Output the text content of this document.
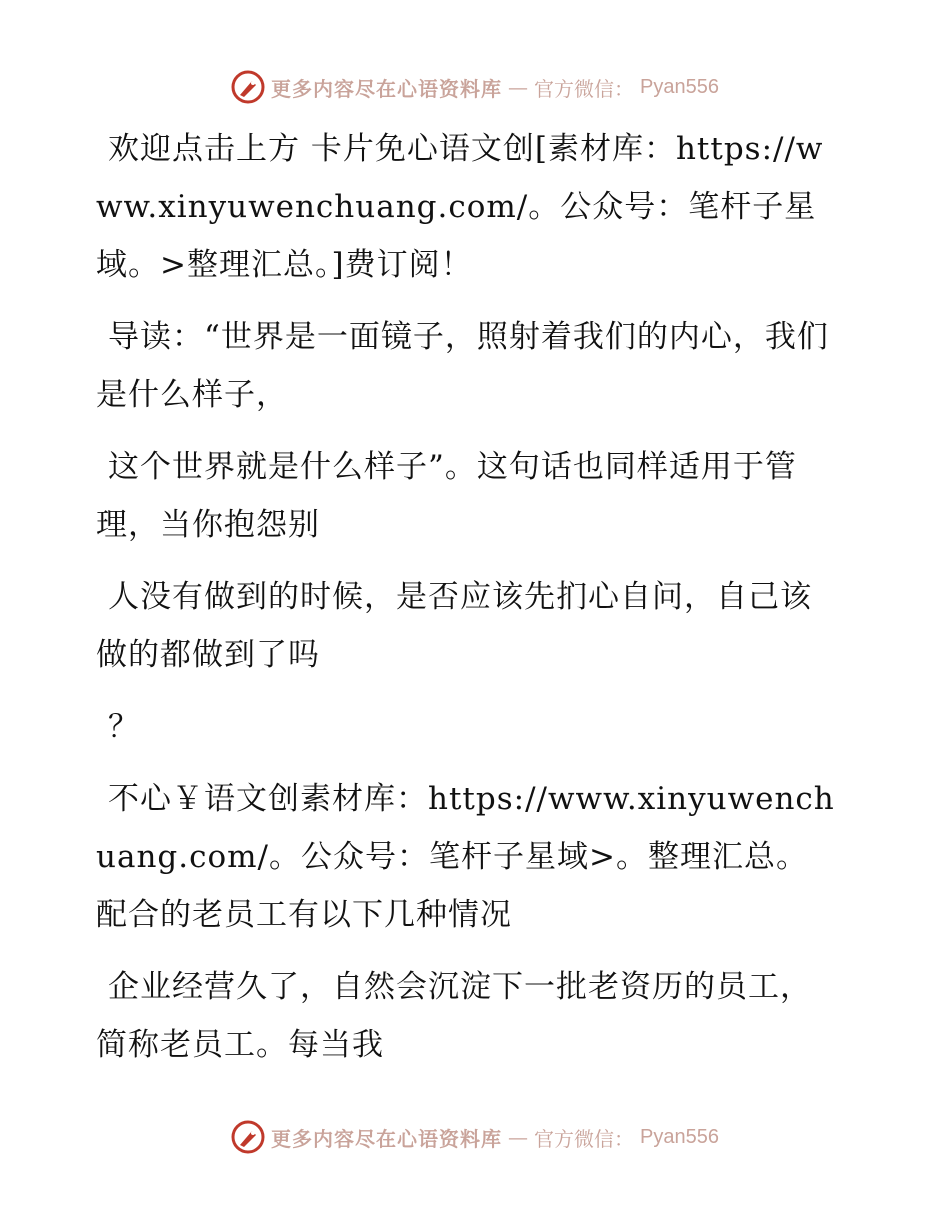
更多内容尽在心语资料库 — 官方微信： Pyan556

欢迎点击上方 卡片免心语文创[素材库：https://www.xinyuwenchuang.com/。公众号：笔杆子星域。>整理汇总。]费订阅！

导读：“世界是一面镜子，照射着我们的内心，我们是什么样子，

这个世界就是什么样子”。这句话也同样适用于管理，当你抱怨别

人没有做到的时候，是否应该先扪心自问，自己该做的都做到了吗

？

不心￥语文创素材库：https://www.xinyuwenchuang.com/。公众号：笔杆子星域>。整理汇总。配合的老员工有以下几种情况

企业经营久了，自然会沉淀下一批老资历的员工，简称老员工。每当我

更多内容尽在心语资料库 — 官方微信： Pyan556
